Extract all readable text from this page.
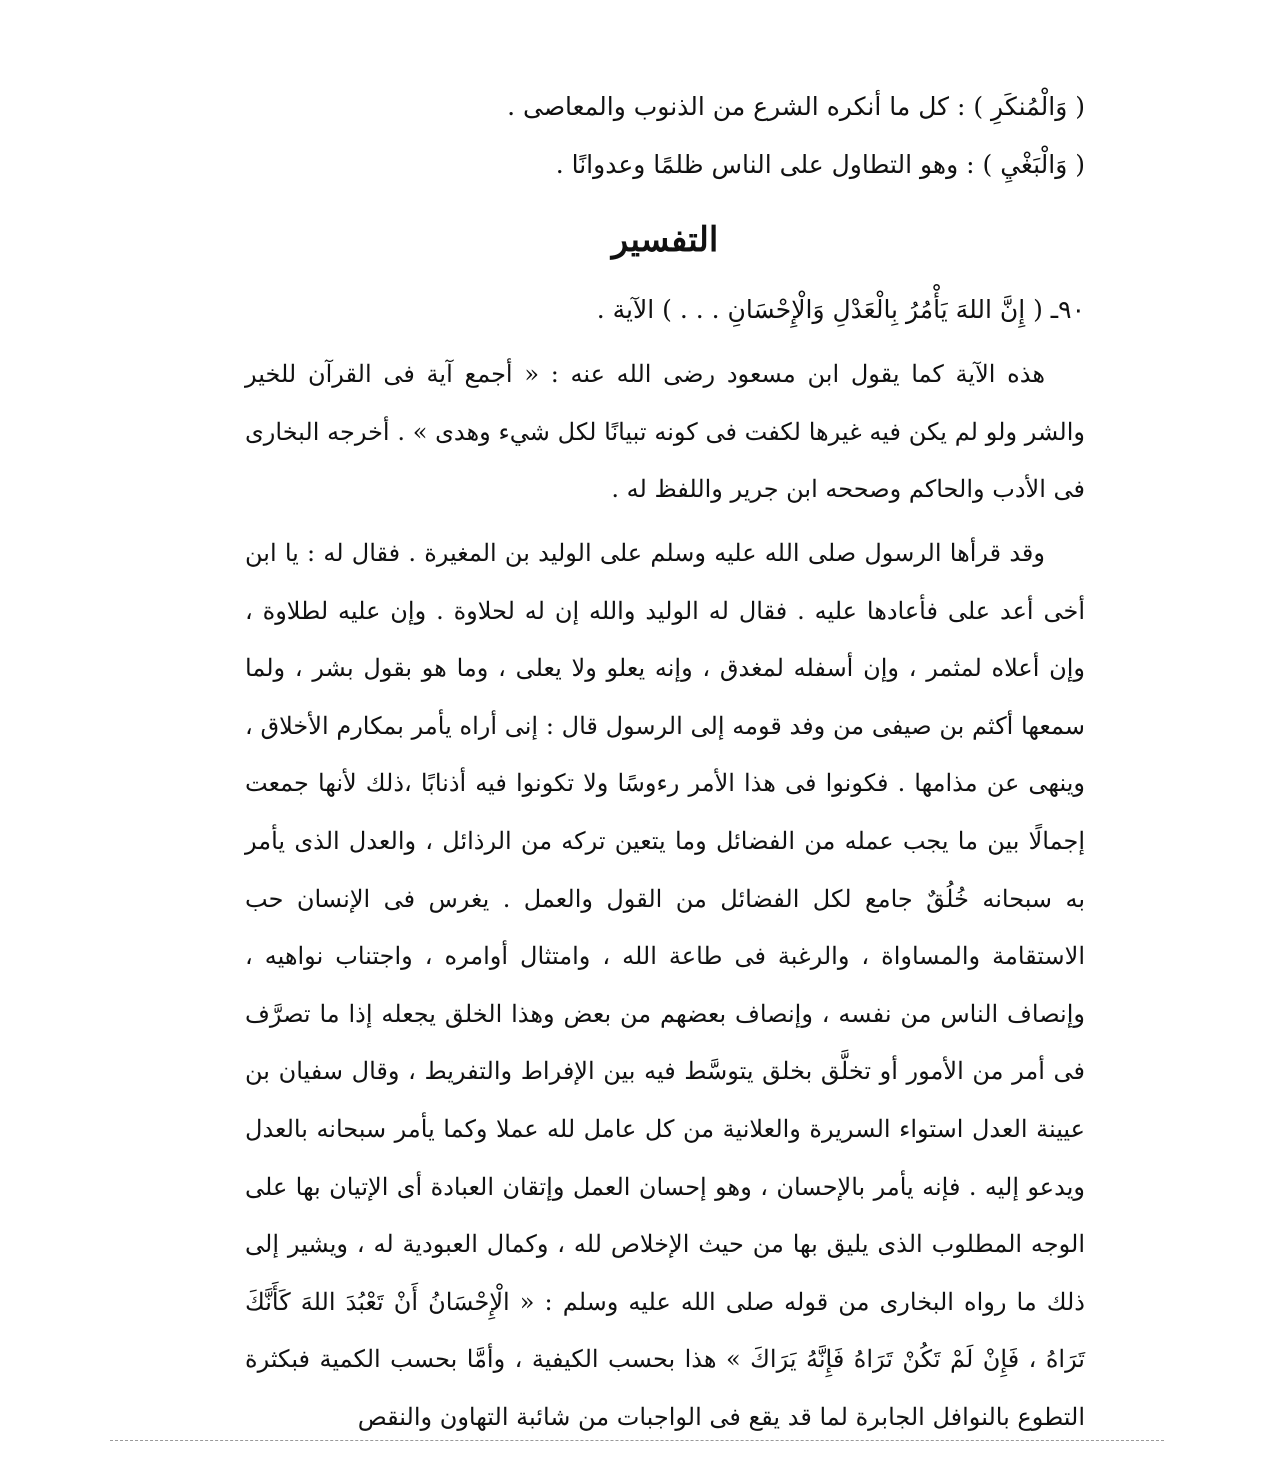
( وَالْمُنكَرِ ) : كل ما أنكره الشرع من الذنوب والمعاصى .
( وَالْبَغْيِ ) : وهو التطاول على الناس ظلمًا وعدوانًا .
التفسير
٩٠ـ ( إِنَّ اللهَ يَأْمُرُ بِالْعَدْلِ وَالْإِحْسَانِ . . . ) الآية .
هذه الآية كما يقول ابن مسعود رضى الله عنه : « أجمع آية فى القرآن للخير والشر ولو لم يكن فيه غيرها لكفت فى كونه تبيانًا لكل شيء وهدى » . أخرجه البخارى فى الأدب والحاكم وصححه ابن جرير واللفظ له .
وقد قرأها الرسول صلى الله عليه وسلم على الوليد بن المغيرة . فقال له : يا ابن أخى أعد على فأعادها عليه . فقال له الوليد والله إن له لحلاوة . وإن عليه لطلاوة ، وإن أعلاه لمثمر ، وإن أسفله لمغدق ، وإنه يعلو ولا يعلى ، وما هو بقول بشر ، ولما سمعها أكثم بن صيفى من وفد قومه إلى الرسول قال : إنى أراه يأمر بمكارم الأخلاق ، وينهى عن مذامها . فكونوا فى هذا الأمر رءوسًا ولا تكونوا فيه أذنابًا ،ذلك لأنها جمعت إجمالًا بين ما يجب عمله من الفضائل وما يتعين تركه من الرذائل ، والعدل الذى يأمر به سبحانه خُلُقٌ جامع لكل الفضائل من القول والعمل . يغرس فى الإنسان حب الاستقامة والمساواة ، والرغبة فى طاعة الله ، وامتثال أوامره ، واجتناب نواهيه ، وإنصاف الناس من نفسه ، وإنصاف بعضهم من بعض وهذا الخلق يجعله إذا ما تصرَّف فى أمر من الأمور أو تخلَّق بخلق يتوسَّط فيه بين الإفراط والتفريط ، وقال سفيان بن عيينة العدل استواء السريرة والعلانية من كل عامل لله عملا وكما يأمر سبحانه بالعدل ويدعو إليه . فإنه يأمر بالإحسان ، وهو إحسان العمل وإتقان العبادة أى الإتيان بها على الوجه المطلوب الذى يليق بها من حيث الإخلاص لله ، وكمال العبودية له ، ويشير إلى ذلك ما رواه البخارى من قوله صلى الله عليه وسلم : « الْإِحْسَانُ أَنْ تَعْبُدَ اللهَ كَأَنَّكَ تَرَاهُ ، فَإِنْ لَمْ تَكُنْ تَرَاهُ فَإِنَّهُ يَرَاكَ » هذا بحسب الكيفية ، وأمَّا بحسب الكمية فبكثرة التطوع بالنوافل الجابرة لما قد يقع فى الواجبات من شائبة التهاون والنقص
